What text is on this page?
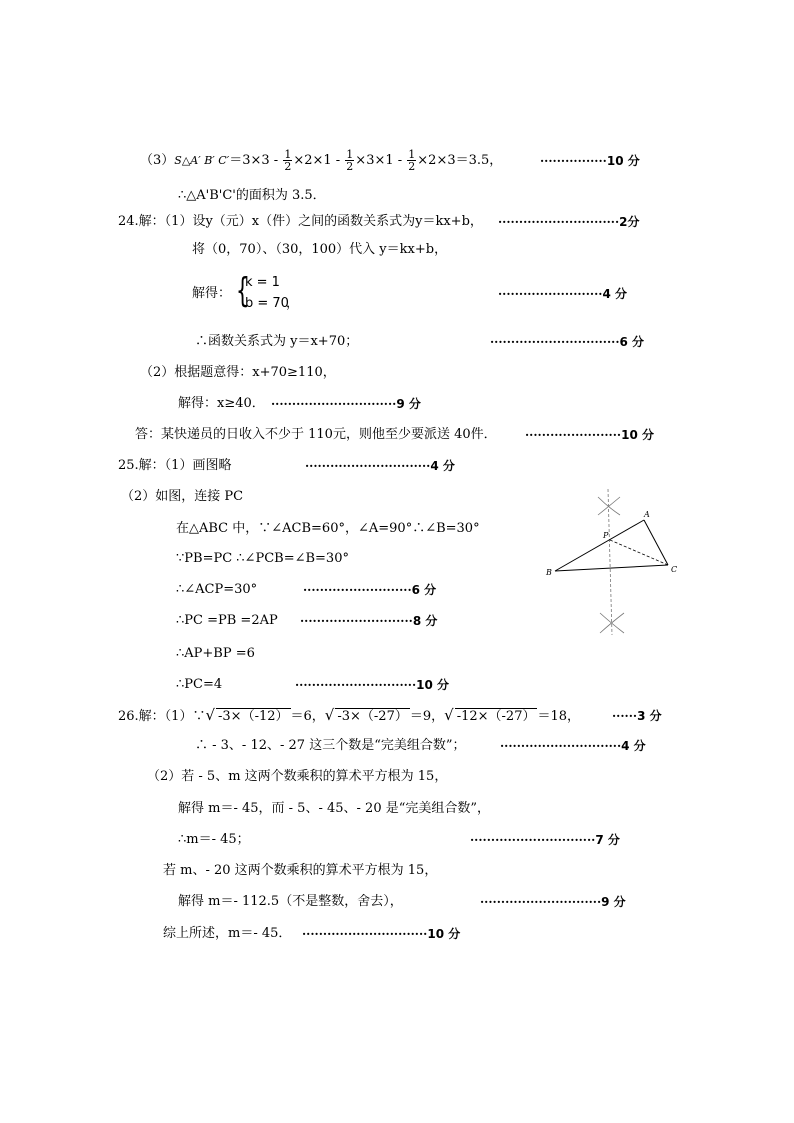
（3）S△A′ B′ $C'=3\times 3 - \frac{1}{2} \times 2\times 1 - \frac{1}{2} \times 3\times 1 - \frac{1}{2} \times 2\times 3=3.5$，	················10 分
∴△A'B'C'的面积为 3.5．
24.解：（1）设y（元）x（件）之间的函数关系式为y＝kx+b， ·····························2分
将（0，70）、（30，100）代入 y＝kx+b，
解得： {
k = 1
b = 70
，
·························4 分
∴函数关系式为 y＝x+70；	·······························6 分
（2）根据题意得：x+70≥110，
解得：x≥40． ······························9 分
答：某快递员的日收入不少于 110元，则他至少要派送 40件． ·······················10 分
25.解：（1）画图略	······························4 分
（2）如图，连接 PC
在△ABC 中，∵∠ACB=60°，∠A=90°∴∠B=30°
∵PB=PC ∴∠PCB=∠B=30°
∴∠ACP=30°	··························6 分
∴PC =PB =2AP ···························8 分
∴AP+BP =6
∴PC=4	·····························10 分
A
B	C
P
26.解：（1）∵√ -3×（-12） ＝6，√ -3×（-27） ＝9，√ -12×（-27） ＝18，	······3 分
∴ - 3、- 12、- 27 这三个数是“完美组合数”；	·····························4 分
（2）若 - 5、m 这两个数乘积的算术平方根为 15，
解得 m＝- 45，而 - 5、- 45、- 20 是“完美组合数”，
∴m＝- 45；	······························7 分
若 m、- 20 这两个数乘积的算术平方根为 15，
解得 m＝- 112.5（不是整数，舍去），	·····························9 分
综上所述，m＝- 45． ······························10 分
